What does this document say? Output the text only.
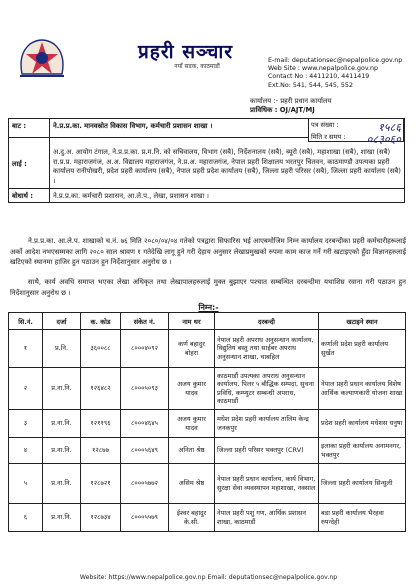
प्रहरी सञ्चार
नयाँ सडक, काठमाडौं
E-mail: deputationsec@nepalpolice.gov.np
Web Site : www.nepalpolice.gov.np
Contact No : 4411210, 4411419
Ext.No: 541, 544, 545, 552
कार्यालय :- प्रहरी प्रधान कार्यालय
प्राविधिक : OJ/AJT/MJ
बाट :	ने.प्र.प्र.का. मानवस्रोत विकास विभाग, कर्मचारी प्रशासन शाखा ।
लाई :	अ.दु.अ. आयोग टंगाल, ने.प्र.प्र.का. प्र.म.नि. को सचिवालय, विभाग (सबै), निर्देशनालय (सबै), ब्यूरो (सबै), महाशाखा (सबै), शाखा (सबै) रा.प्र.प्र. महाराजगंज, अ.अ. विद्यालय महाराजगंज, ने.प्र.अ. महाराजगंज, नेपाल प्रहरी शिक्षालय भरतपुर चितवन, काठमाण्डौ उपत्यका प्रहरी कार्यालय रानीपोखरी, प्रदेश प्रहरी कार्यालय (सबै), नेपाल प्रहरी प्रदेश कार्यालय (सबै), जिल्ला प्रहरी परिसर (सबै), जिल्ला प्रहरी कार्यालय (सबै) ।
बोधार्थ :	ने.प्र.प्र.का. कर्मचारी प्रशासन, आ.ले.प., लेखा, प्रशासन शाखा ।
पत्र संख्या :	१५८६
मिति र समय : ०८३०६०
ने.प्र.प्र.का. आ.ले.प. शाखाको च.नं. ७६ मिति २०८०/०४/०४ गतेको पत्रद्वारा सिफारिस भई आएबमोजिम निम्न कार्यालय दरबन्दीका प्रहरी कर्मचारीहरूलाई अर्को आदेश नभएसम्मका लागि २०८० साल श्रावण १ गतेदेखि लागू हुने गरी देहाय अनुसार लेखाप्रमुखको रुपमा काम काज गर्ने गरी खटाइएको हुँदा विज्ञानहरुलाई खटिएको स्थानमा हाजिर हुन पठाउन हुन निर्देशानुसार अनुरोध छ ।
साथै, कार्य अवधि समाप्त भएका लेखा अधिकृत तथा लेखापालहरुलाई मुक्त बुझाएर पश्चात सम्बन्धित दरबन्दीमा यथाशिघ्र रवाना गरी पठाउन हुन निर्देशानुसार अनुरोध छ ।
निम्न:-
सि.नं.	दर्जा	क. कोड	संकेत नं.	नाम थर	दरबन्दी	खटाइने स्थान
१	प्र.नि.	३६००८८	८०००४०९२	कर्ण बहादुर बोहरा	नेपाल प्रहरी अपराध अनुसन्धान कार्यालय, विद्युतिय बस्तु तथा साईबर अपराध अनुसन्धान शाखा, चाबहिल	कर्णाली प्रदेश प्रहरी कार्यालय सुर्खेत
२	प्र.ना.नि.	१२६४८२	८०००५०९३	अजय कुमार यादव	काठमाडौं उपत्यका अपराध अनुसन्धान कार्यालय, पिलर ५ बौद्धिक सम्पदा, सुचना प्रविधि, कम्प्युटर सम्बन्धी अपराध, काठमाडौं	नेपाल प्रहरी प्रधान कार्यालय विशेष आर्थिक कल्याणकारी योजना शाखा
३	प्र.ना.नि.	१२११९६	८०००४६४५	अजय कुमार यादव	मधेश प्रदेश प्रहरी कार्यालय तालिम केन्द्र जनकपुर	प्रदेश प्रहरी कार्यालय मधेशस धनुषा
४	प्र.ना.नि.	१२८७७	८०००५६४९	अनिता श्रेष्ठ	जिल्ला प्रहरी परिसर भक्तपुर (CRV)	इलाका प्रहरी कार्यालय अनामनगर, भक्तपुर
५	प्र.ना.नि.	१२८७२१	८०००५७७२	असिम श्रेष्ठ	नेपाल प्रहरी प्रधान कार्यालय, कार्य विभाग, सुरक्षा सेवा व्यवस्थापन महाशाखा, नक्साल	जिल्ला प्रहरी कार्यालय सिन्धुली
६	प्र.ना.नि.	१२८७३४	८०००५५७९	ईश्वर बहादुर के.सी.	नेपाल प्रहरी पशु गण, आर्थिक प्रशासन शाखा, काठमाडौं	बडा प्रहरी कार्यालय भैरहवा रुपन्देही
Website: https://www.nepalpolice.gov.np Email: deputationsec@nepalpolice.gov.np
